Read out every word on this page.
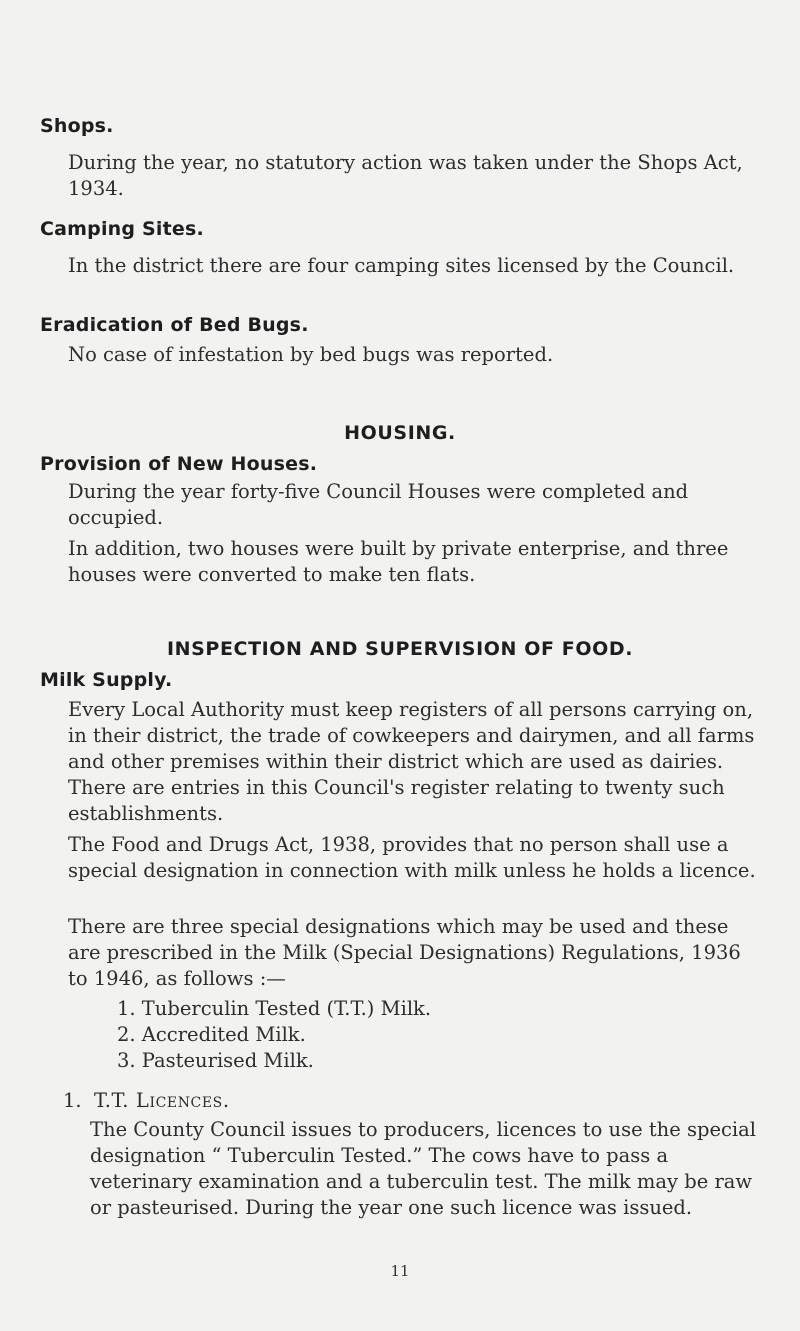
Shops.

During the year, no statutory action was taken under the Shops Act, 1934.

Camping Sites.

In the district there are four camping sites licensed by the Council.

Eradication of Bed Bugs.

No case of infestation by bed bugs was reported.

HOUSING.
Provision of New Houses.

During the year forty-five Council Houses were completed and occupied.

In addition, two houses were built by private enterprise, and three houses were converted to make ten flats.

INSPECTION AND SUPERVISION OF FOOD.
Milk Supply.

Every Local Authority must keep registers of all persons carrying on, in their district, the trade of cowkeepers and dairymen, and all farms and other premises within their district which are used as dairies. There are entries in this Council's register relating to twenty such establishments.

The Food and Drugs Act, 1938, provides that no person shall use a special designation in connection with milk unless he holds a licence.

There are three special designations which may be used and these are prescribed in the Milk (Special Designations) Regulations, 1936 to 1946, as follows :—

1. Tuberculin Tested (T.T.) Milk.
2. Accredited Milk.
3. Pasteurised Milk.
1. T.T. Licences.

The County Council issues to producers, licences to use the special designation “ Tuberculin Tested.” The cows have to pass a veterinary examination and a tuberculin test. The milk may be raw or pasteurised. During the year one such licence was issued.

11
